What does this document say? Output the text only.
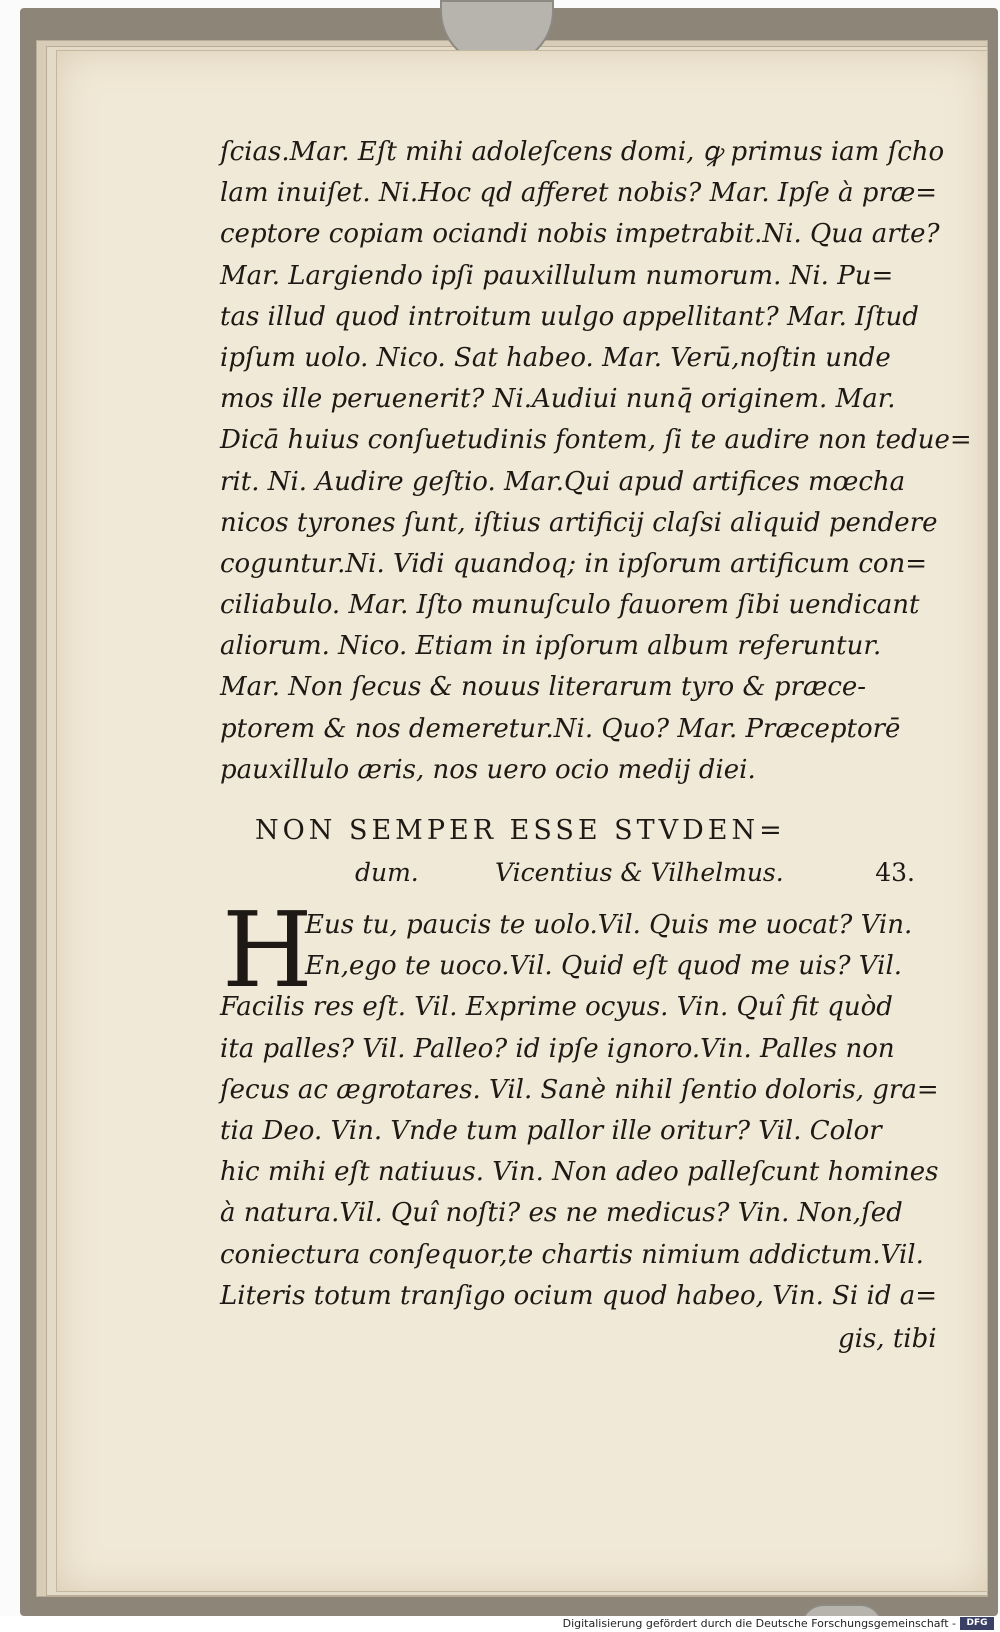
ſcias.Mar. Eſt mihi adoleſcens domi, ꝙ primus iam ſcho
lam inuiſet. Ni.Hoc qd afferet nobis? Mar. Ipſe à præ=
ceptore copiam ociandi nobis impetrabit.Ni. Qua arte?
Mar. Largiendo ipſi pauxillulum numorum. Ni. Pu=
tas illud quod introitum uulgo appellitant? Mar. Iſtud
ipſum uolo. Nico. Sat habeo. Mar. Verū,noſtin unde
mos ille peruenerit? Ni.Audiui nunq̄ originem. Mar.
Dicā huius conſuetudinis fontem, ſi te audire non tedue=
rit. Ni. Audire geſtio. Mar.Qui apud artifices mœcha
nicos tyrones ſunt, iſtius artificij claſsi aliquid pendere
coguntur.Ni. Vidi quandoq; in ipſorum artificum con=
ciliabulo. Mar. Iſto munuſculo fauorem ſibi uendicant
aliorum. Nico. Etiam in ipſorum album referuntur.
Mar. Non ſecus & nouus literarum tyro & præce-
ptorem & nos demeretur.Ni. Quo? Mar. Præceptorē
pauxillulo æris, nos uero ocio medij diei.
NON SEMPER ESSE STVDEN=
dum.	Vicentius & Vilhelmus.	43.
H
Eus tu, paucis te uolo.Vil. Quis me uocat? Vin.
En,ego te uoco.Vil. Quid eſt quod me uis? Vil.
Facilis res eſt. Vil. Exprime ocyus. Vin. Quî fit quòd
ita palles? Vil. Palleo? id ipſe ignoro.Vin. Palles non
ſecus ac ægrotares. Vil. Sanè nihil ſentio doloris, gra=
tia Deo. Vin. Vnde tum pallor ille oritur? Vil. Color
hic mihi eſt natiuus. Vin. Non adeo palleſcunt homines
à natura.Vil. Quî noſti? es ne medicus? Vin. Non,ſed
coniectura conſequor,te chartis nimium addictum.Vil.
Literis totum tranſigo ocium quod habeo, Vin. Si id a=
gis, tibi
Digitalisierung gefördert durch die Deutsche Forschungsgemeinschaft -	DFG
